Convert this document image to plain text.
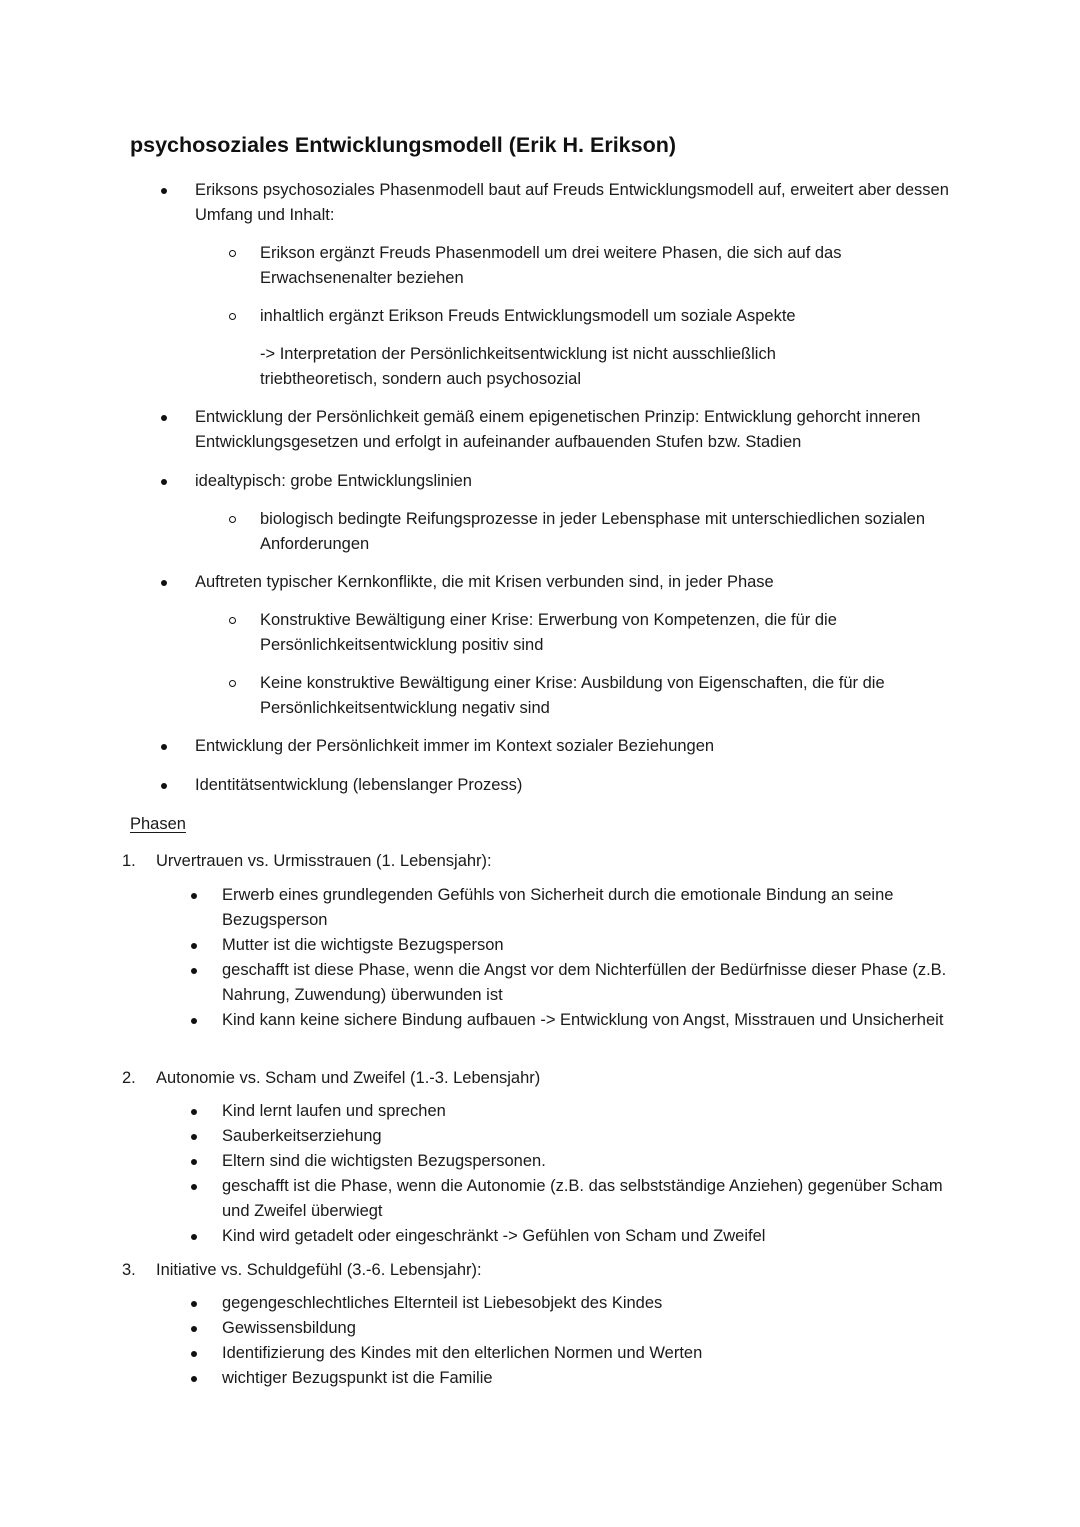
psychosoziales Entwicklungsmodell (Erik H. Erikson)
Eriksons psychosoziales Phasenmodell baut auf Freuds Entwicklungsmodell auf, erweitert aber dessen Umfang und Inhalt:
Erikson ergänzt Freuds Phasenmodell um drei weitere Phasen, die sich auf das Erwachsenenalter beziehen
inhaltlich ergänzt Erikson Freuds Entwicklungsmodell um soziale Aspekte
-> Interpretation der Persönlichkeitsentwicklung ist nicht ausschließlich triebtheoretisch, sondern auch psychosozial
Entwicklung der Persönlichkeit gemäß einem epigenetischen Prinzip: Entwicklung gehorcht inneren Entwicklungsgesetzen und erfolgt in aufeinander aufbauenden Stufen bzw. Stadien
idealtypisch: grobe Entwicklungslinien
biologisch bedingte Reifungsprozesse in jeder Lebensphase mit unterschiedlichen sozialen Anforderungen
Auftreten typischer Kernkonflikte, die mit Krisen verbunden sind, in jeder Phase
Konstruktive Bewältigung einer Krise: Erwerbung von Kompetenzen, die für die Persönlichkeitsentwicklung positiv sind
Keine konstruktive Bewältigung einer Krise: Ausbildung von Eigenschaften, die für die Persönlichkeitsentwicklung negativ sind
Entwicklung der Persönlichkeit immer im Kontext sozialer Beziehungen
Identitätsentwicklung (lebenslanger Prozess)
Phasen
1. Urvertrauen vs. Urmisstrauen (1. Lebensjahr):
Erwerb eines grundlegenden Gefühls von Sicherheit durch die emotionale Bindung an seine Bezugsperson
Mutter ist die wichtigste Bezugsperson
geschafft ist diese Phase, wenn die Angst vor dem Nichterfüllen der Bedürfnisse dieser Phase (z.B. Nahrung, Zuwendung) überwunden ist
Kind kann keine sichere Bindung aufbauen -> Entwicklung von Angst, Misstrauen und Unsicherheit
2. Autonomie vs. Scham und Zweifel (1.-3. Lebensjahr)
Kind lernt laufen und sprechen
Sauberkeitserziehung
Eltern sind die wichtigsten Bezugspersonen.
geschafft ist die Phase, wenn die Autonomie (z.B. das selbstständige Anziehen) gegenüber Scham und Zweifel überwiegt
Kind wird getadelt oder eingeschränkt -> Gefühlen von Scham und Zweifel
3. Initiative vs. Schuldgefühl (3.-6. Lebensjahr):
gegengeschlechtliches Elternteil ist Liebesobjekt des Kindes
Gewissensbildung
Identifizierung des Kindes mit den elterlichen Normen und Werten
wichtiger Bezugspunkt ist die Familie
